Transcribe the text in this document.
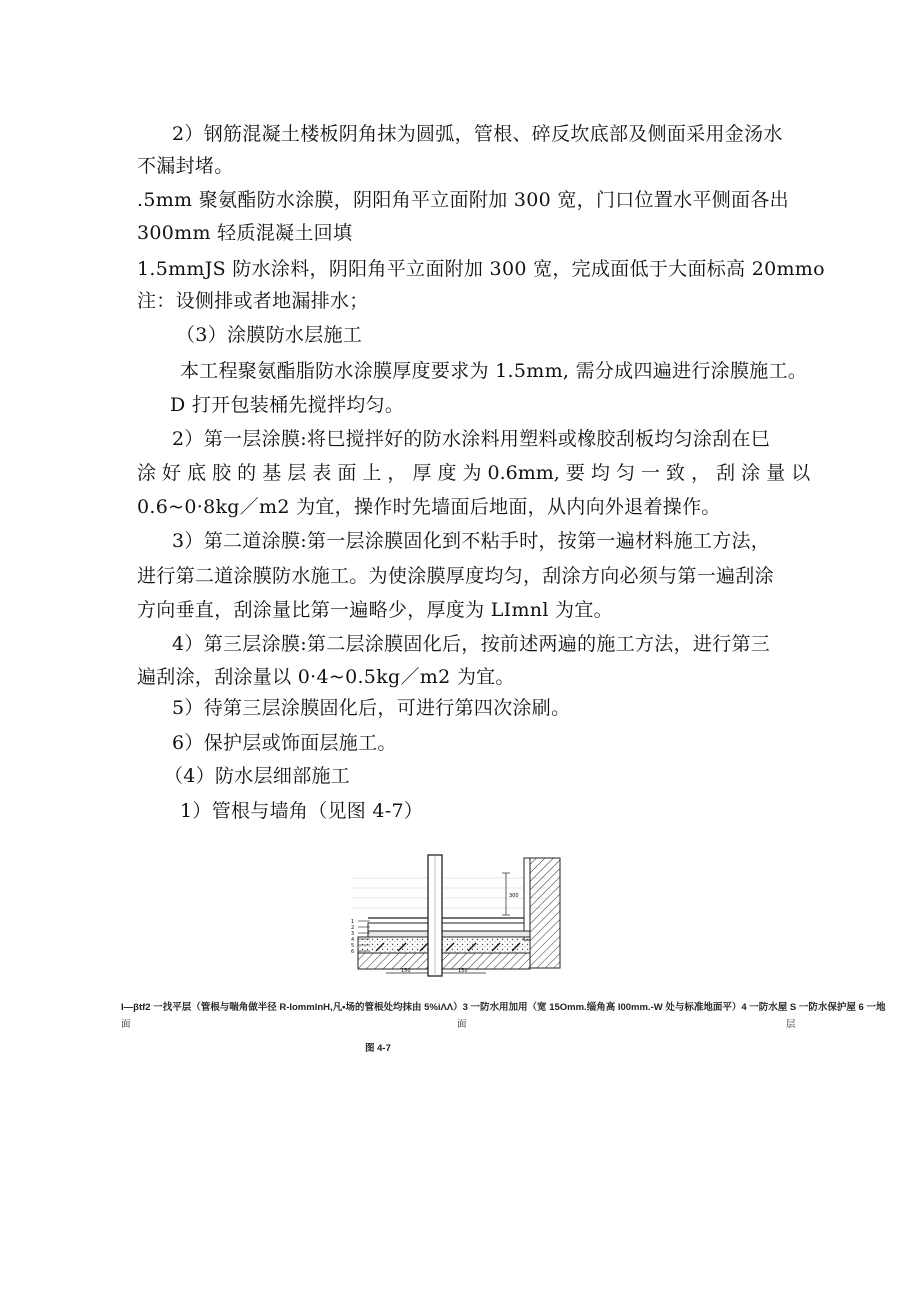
2）钢筋混凝土楼板阴角抹为圆弧，管根、碎反坎底部及侧面采用金汤水
不漏封堵。
.5mm 聚氨酯防水涂膜，阴阳角平立面附加 300 宽，门口位置水平侧面各出
300mm 轻质混凝土回填
1.5mmJS 防水涂料，阴阳角平立面附加 300 宽，完成面低于大面标高 20mmo
注：设侧排或者地漏排水；
（3）涂膜防水层施工
本工程聚氨酯脂防水涂膜厚度要求为 1.5mm, 需分成四遍进行涂膜施工。
D 打开包装桶先搅拌均匀。
2）第一层涂膜:将巳搅拌好的防水涂料用塑料或橡胶刮板均匀涂刮在巳
涂 好 底 胶 的 基 层 表 面 上 ， 厚 度 为 0.6mm, 要 均 匀 一 致 ， 刮 涂 量 以
0.6~0·8kg／m2 为宜，操作时先墙面后地面，从内向外退着操作。
3）第二道涂膜:第一层涂膜固化到不粘手时，按第一遍材料施工方法，
进行第二道涂膜防水施工。为使涂膜厚度均匀，刮涂方向必须与第一遍刮涂
方向垂直，刮涂量比第一遍略少，厚度为 LImnl 为宜。
4）第三层涂膜:第二层涂膜固化后，按前述两遍的施工方法，进行第三
遍刮涂，刮涂量以 0·4~0.5kg／m2 为宜。
5）待第三层涂膜固化后，可进行第四次涂刷。
6）保护层或饰面层施工。
（4）防水层细部施工
1）管根与墙角（见图 4-7）
300
150	150
1
2
3
4
5
6
I—βtf2 一找平层（管根与喘角做半径 R-lommlnH,凡•场的管根处均抹由 5%iΛΛ）3 一防水用加用（宽 15Omm.缁角高 l00mm.-W 处与标准地面平）4 一防水屋 S 一防水保护屋 6 一地
面	面	层
图 4-7
